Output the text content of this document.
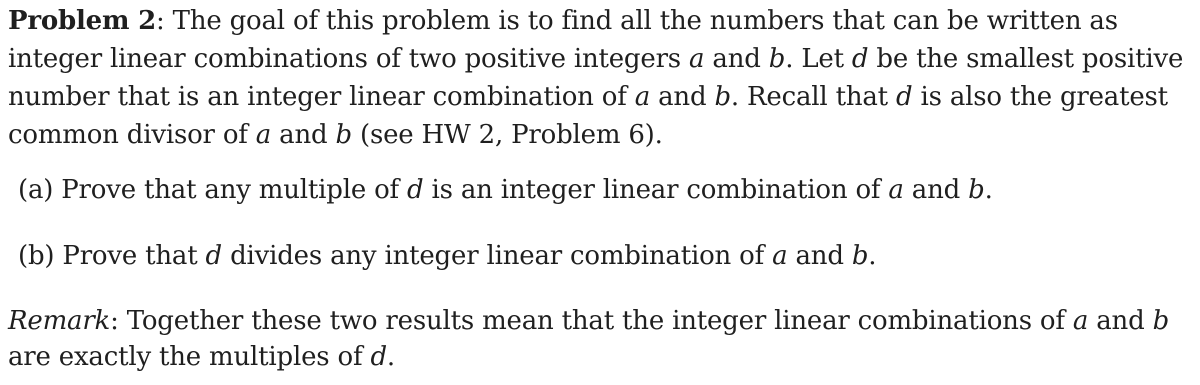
Problem 2: The goal of this problem is to find all the numbers that can be written as integer linear combinations of two positive integers a and b. Let d be the smallest positive number that is an integer linear combination of a and b. Recall that d is also the greatest common divisor of a and b (see HW 2, Problem 6).

(a) Prove that any multiple of d is an integer linear combination of a and b.

(b) Prove that d divides any integer linear combination of a and b.

Remark: Together these two results mean that the integer linear combinations of a and b are exactly the multiples of d.
